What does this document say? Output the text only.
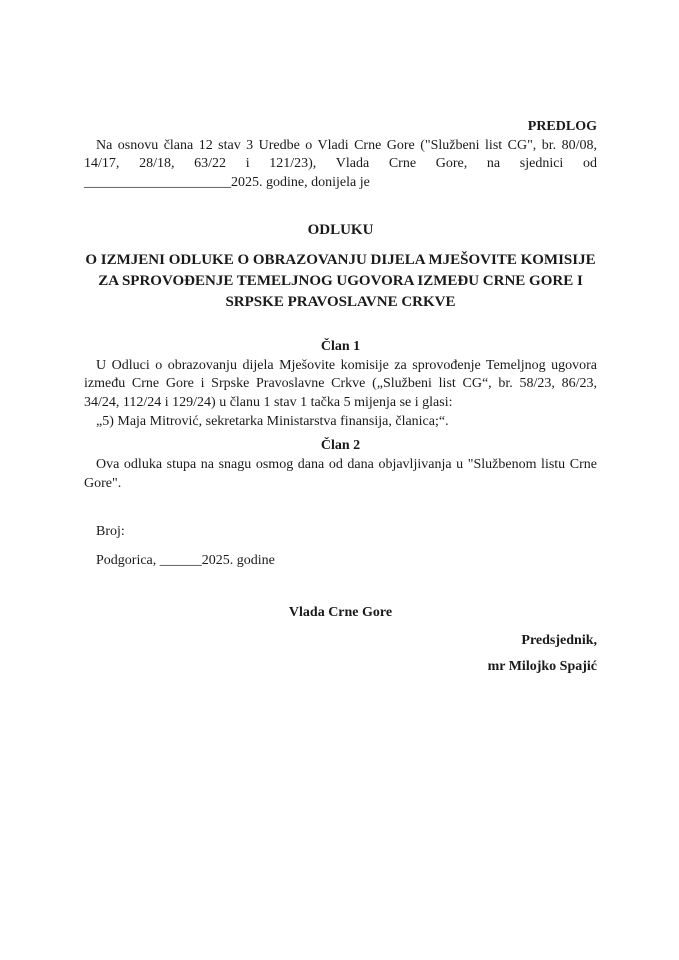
PREDLOG
Na osnovu člana 12 stav 3 Uredbe o Vladi Crne Gore ("Službeni list CG", br. 80/08,
14/17, 28/18, 63/22 i 121/23), Vlada Crne Gore, na sjednici od
_____________________2025. godine, donijela je
ODLUKU
O IZMJENI ODLUKE O OBRAZOVANJU DIJELA MJEŠOVITE KOMISIJE ZA SPROVOĐENJE TEMELJNOG UGOVORA IZMEĐU CRNE GORE I SRPSKE PRAVOSLAVNE CRKVE
Član 1
U Odluci o obrazovanju dijela Mješovite komisije za sprovođenje Temeljnog ugovora
između Crne Gore i Srpske Pravoslavne Crkve („Službeni list CG“, br. 58/23, 86/23,
34/24, 112/24 i 129/24) u članu 1 stav 1 tačka 5 mijenja se i glasi:
„5) Maja Mitrović, sekretarka Ministarstva finansija, članica;“.
Član 2
Ova odluka stupa na snagu osmog dana od dana objavljivanja u "Službenom listu Crne
Gore".
Broj:
Podgorica, ______2025. godine
Vlada Crne Gore
Predsjednik,
mr Milojko Spajić
